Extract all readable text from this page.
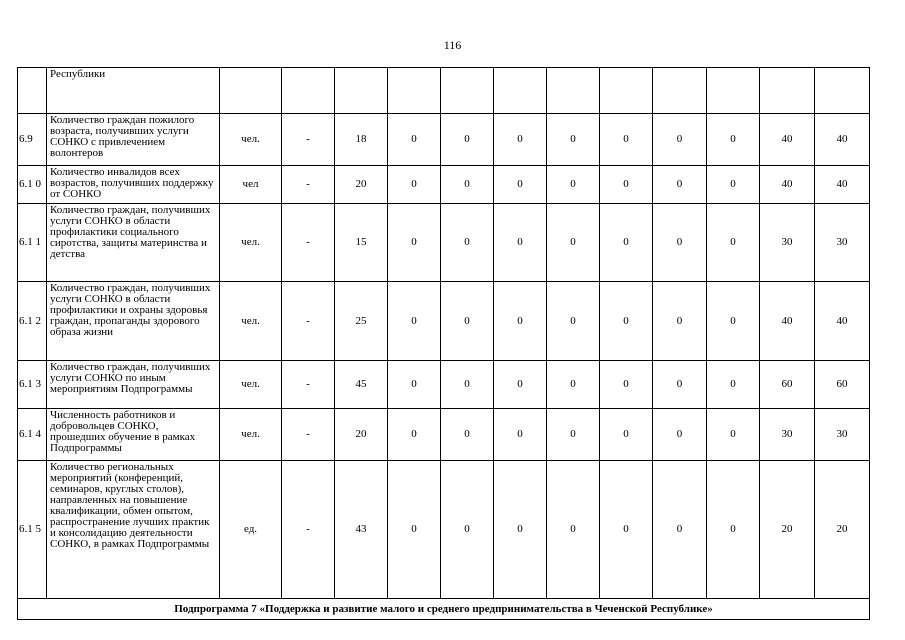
116
	Республики												
6.9	Количество граждан пожилого возраста, получивших услуги СОНКО с привлечением волонтеров	чел.	-	18	0	0	0	0	0	0	0	40	40
6.1 0	Количество инвалидов всех возрастов, получивших поддержку от СОНКО	чел	-	20	0	0	0	0	0	0	0	40	40
6.1 1	Количество граждан, получивших услуги СОНКО в области профилактики социального сиротства, защиты материнства и детства	чел.	-	15	0	0	0	0	0	0	0	30	30
6.1 2	Количество граждан, получивших услуги СОНКО в области профилактики и охраны здоровья граждан, пропаганды здорового образа жизни	чел.	-	25	0	0	0	0	0	0	0	40	40
6.1 3	Количество граждан, получивших услуги СОНКО по иным мероприятиям Подпрограммы	чел.	-	45	0	0	0	0	0	0	0	60	60
6.1 4	Численность работников и добровольцев СОНКО, прошедших обучение в рамках Подпрограммы	чел.	-	20	0	0	0	0	0	0	0	30	30
6.1 5	Количество региональных мероприятий (конференций, семинаров, круглых столов), направленных на повышение квалификации, обмен опытом, распространение лучших практик и консолидацию деятельности СОНКО, в рамках Подпрограммы	ед.	-	43	0	0	0	0	0	0	0	20	20
Подпрограмма 7 «Поддержка и развитие малого и среднего предпринимательства в Чеченской Республике»													
